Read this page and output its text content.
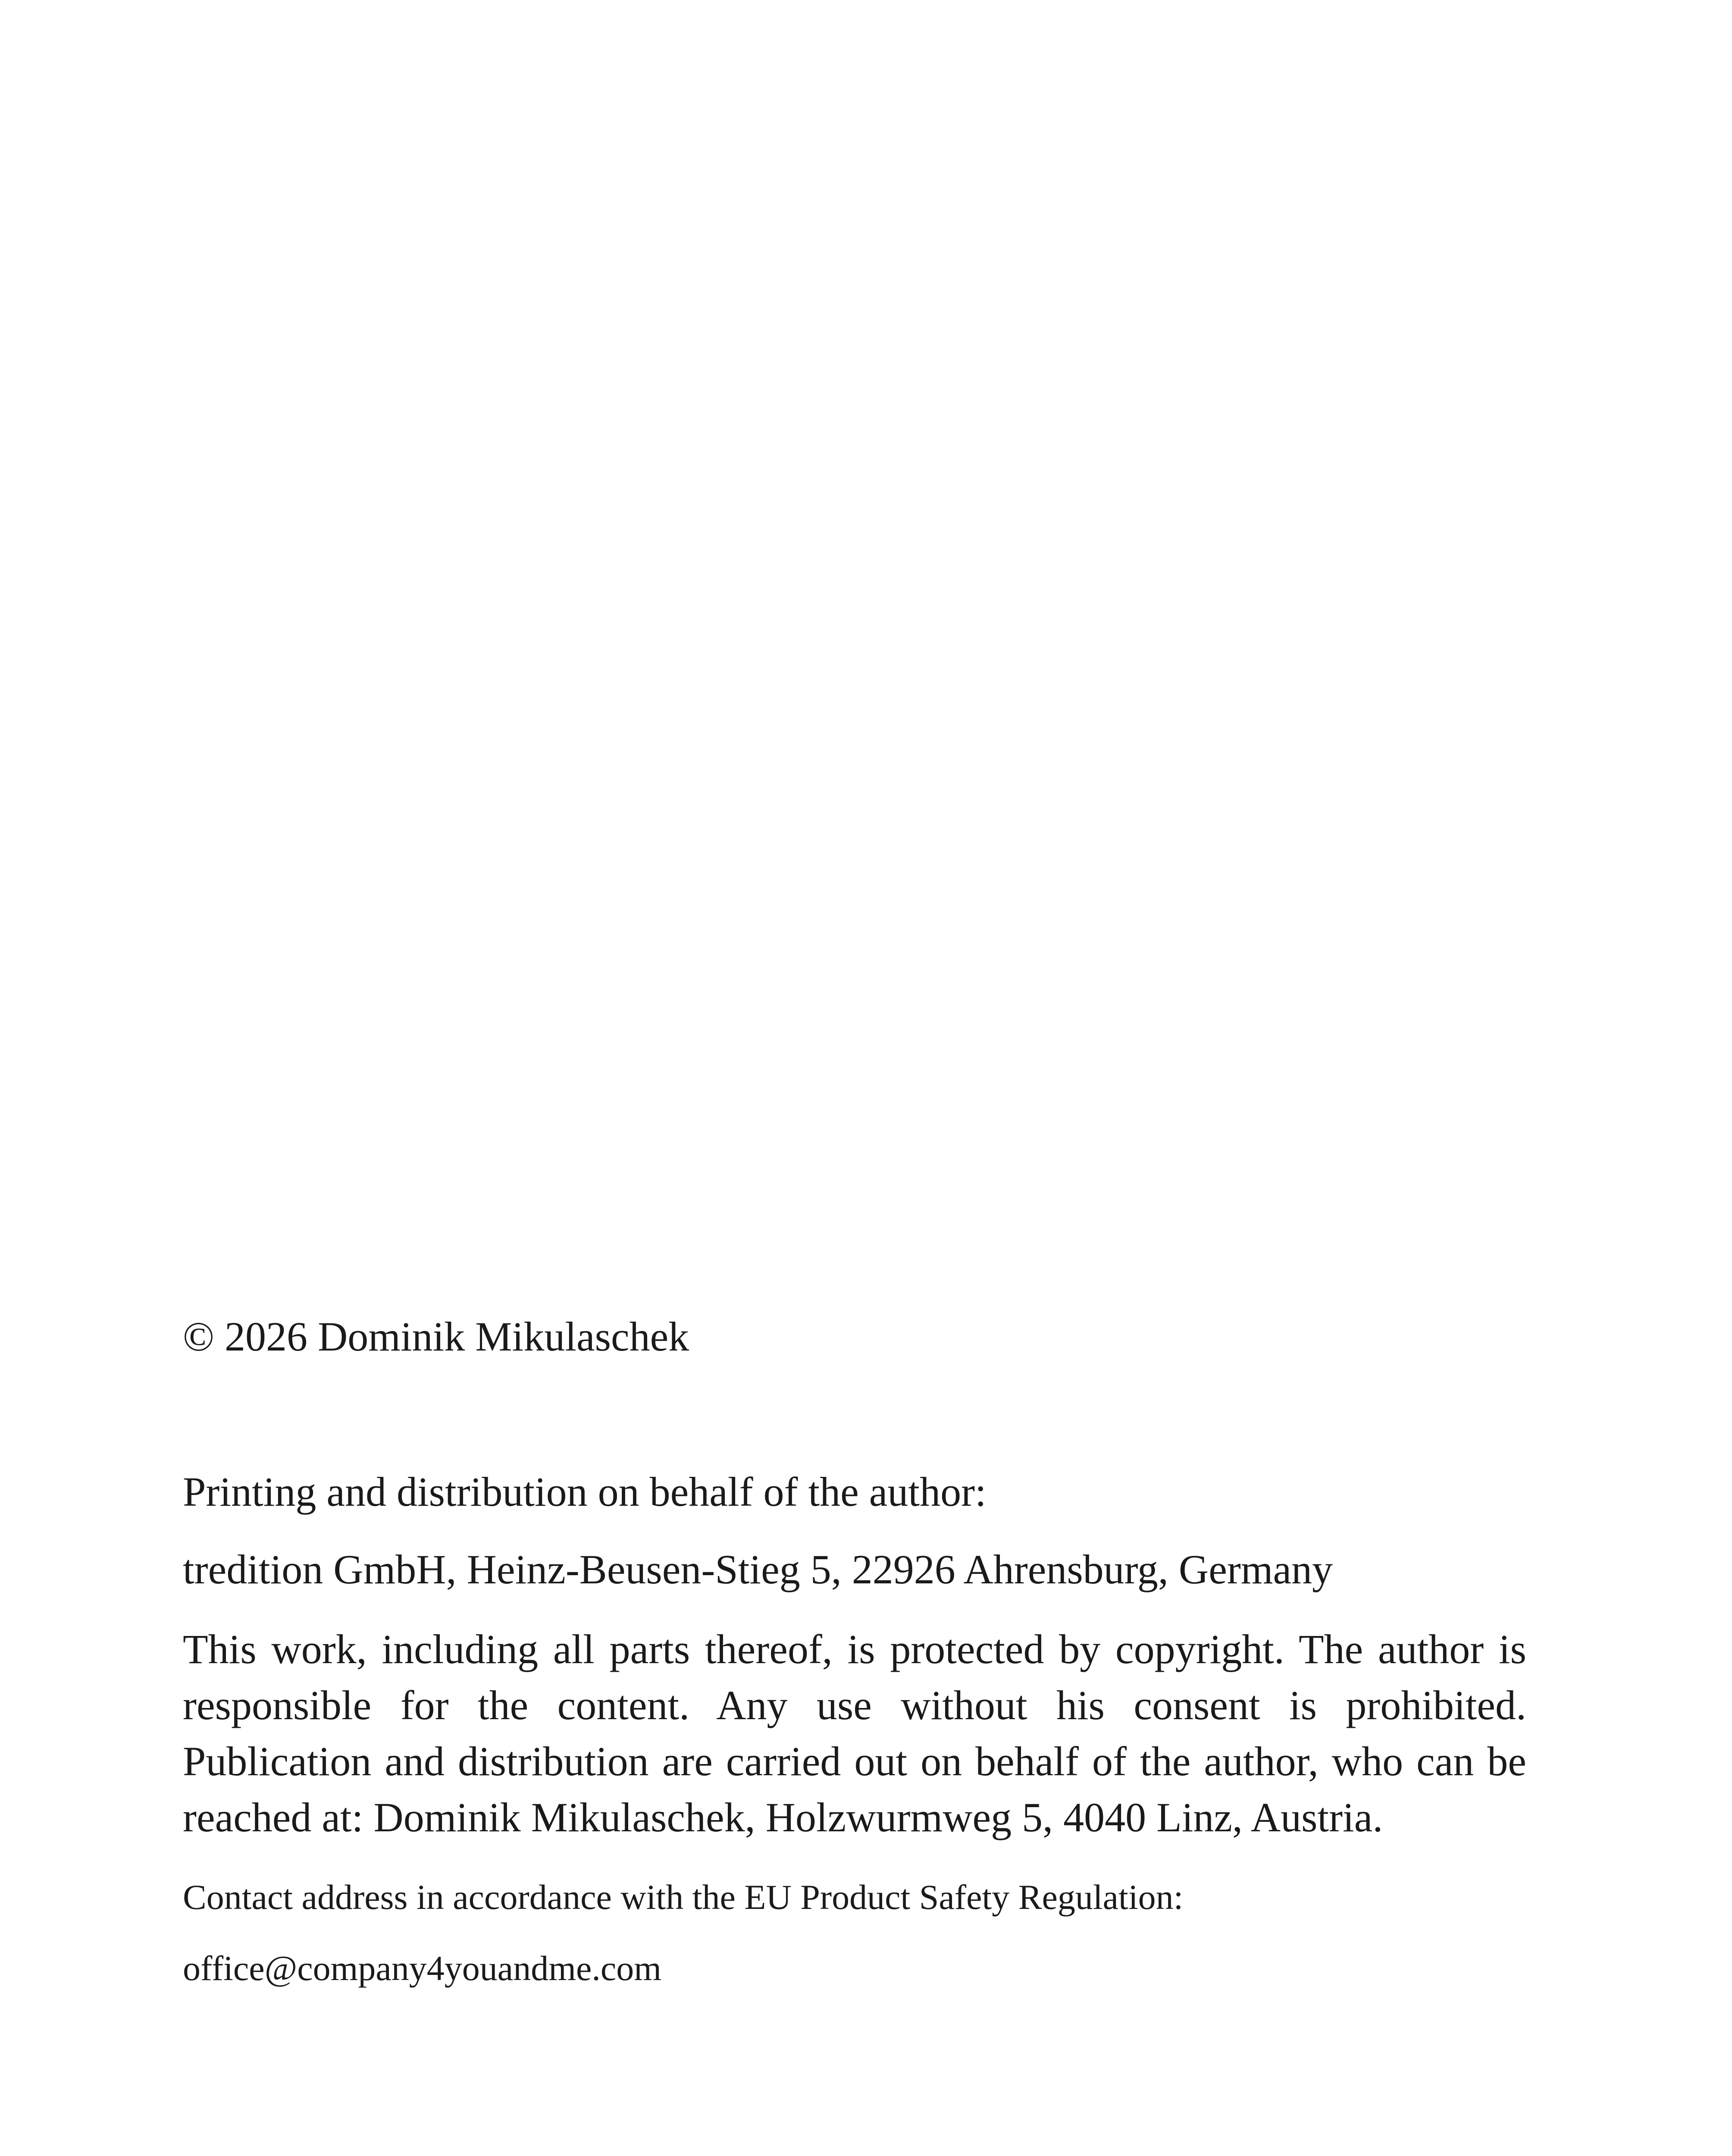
© 2026 Dominik Mikulaschek
Printing and distribution on behalf of the author:
tredition GmbH, Heinz-Beusen-Stieg 5, 22926 Ahrensburg, Germany
This work, including all parts thereof, is protected by copyright. The author is responsible for the content. Any use without his consent is prohibited. Publication and distribution are carried out on behalf of the author, who can be reached at: Dominik Mikulaschek, Holzwurmweg 5, 4040 Linz, Austria.
Contact address in accordance with the EU Product Safety Regulation:
office@company4youandme.com
